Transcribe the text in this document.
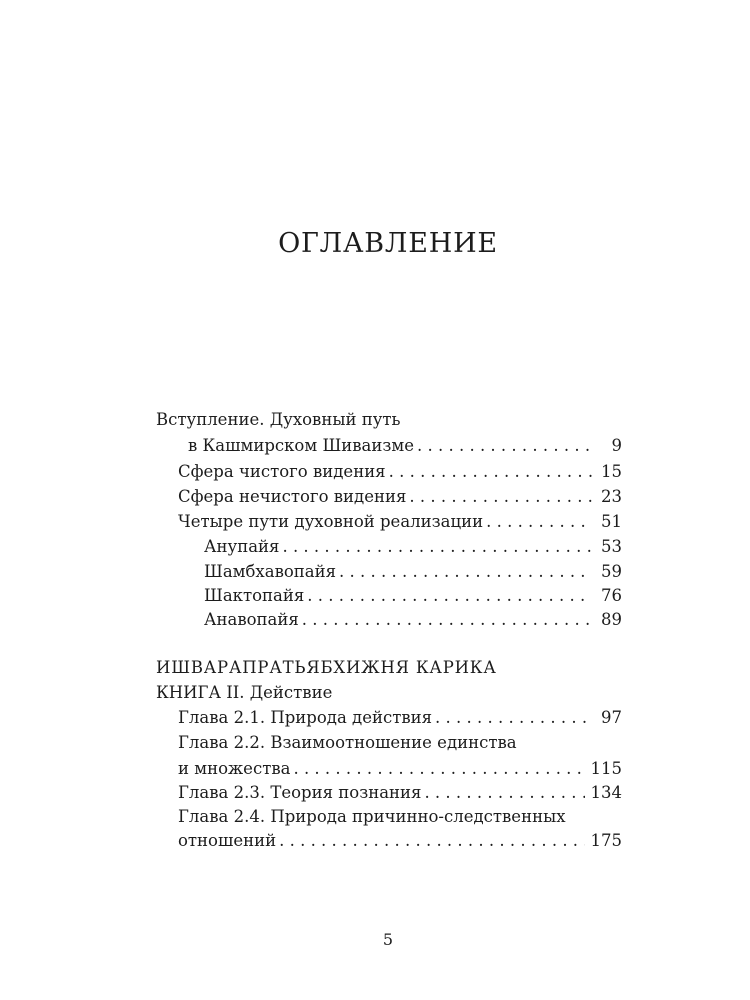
ОГЛАВЛЕНИЕ
Вступление. Духовный путь
в Кашмирском Шиваизме . . .	9
Сфера чистого видения . . .	15
Сфера нечистого видения . . .	23
Четыре пути духовной реализации . . .	51
Анупайя . . .	53
Шамбхавопайя . . .	59
Шактопайя . . .	76
Анавопайя . . .	89
ИШВАРАПРАТЬЯБХИЖНЯ КАРИКА
КНИГА II. Действие
Глава 2.1. Природа действия . . .	97
Глава 2.2. Взаимоотношение единства
и множества . . .	115
Глава 2.3. Теория познания . . .	134
Глава 2.4. Природа причинно-следственных
отношений . . .	175
5
